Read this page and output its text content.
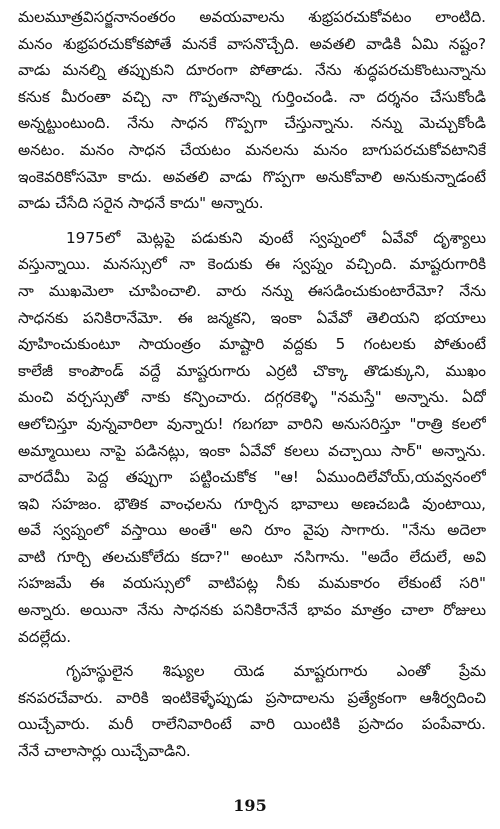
మలమూత్రవిసర్జనానంతరం అవయవాలను శుభ్రపరచుకోవటం లాంటిది.
మనం శుభ్రపరచుకోకపోతే మనకే వాసనొచ్చేది. అవతలి వాడికి ఏమి నష్టం?
వాడు మనల్ని తప్పుకుని దూరంగా పోతాడు. నేను శుద్ధపరచుకొంటున్నాను
కనుక మీరంతా వచ్చి నా గొప్పతనాన్ని గుర్తించండి. నా దర్శనం చేసుకోండి
అన్నట్టుంటుంది. నేను సాధన గొప్పగా చేస్తున్నాను. నన్ను మెచ్చుకోండి
అనటం. మనం సాధన చేయటం మనలను మనం బాగుపరచుకోవటానికే
ఇంకెవరికోసమో కాదు. అవతలి వాడు గొప్పగా అనుకోవాలి అనుకున్నాడంటే
వాడు చేసేది సరైన సాధనే కాదు" అన్నారు.
1975లో మెట్లపై పడుకుని వుంటే స్వప్నంలో ఏవేవో దృశ్యాలు
వస్తున్నాయి. మనస్సులో నా కెందుకు ఈ స్వప్నం వచ్చింది. మాష్టరుగారికి
నా ముఖమెలా చూపించాలి. వారు నన్ను ఈసడించుకుంటారేమో? నేను
సాధనకు పనికిరానేమో. ఈ జన్మకని, ఇంకా ఏవేవో తెలియని భయాలు
వూహించుకుంటూ సాయంత్రం మాష్టారి వద్దకు 5 గంటలకు పోతుంటే
కాలేజీ కాంపౌండ్ వద్దే మాష్టరుగారు ఎర్రటి చొక్కా తొడుక్కుని, ముఖం
మంచి వర్చస్సుతో నాకు కన్పించారు. దగ్గరకెళ్ళి "నమస్తే" అన్నాను. ఏదో
ఆలోచిస్తూ వున్నవారిలా వున్నారు! గబగబా వారిని అనుసరిస్తూ "రాత్రి కలలో
అమ్మాయిలు నాపై పడినట్లు, ఇంకా ఏవేవో కలలు వచ్చాయి సార్" అన్నాను.
వారదేమీ పెద్ద తప్పుగా పట్టించుకోక "ఆ! ఏముందిలేవోయ్,యవ్వనంలో
ఇవి సహజం. భౌతిక వాంఛలను గూర్చిన భావాలు అణచబడి వుంటాయి,
అవే స్వప్నంలో వస్తాయి అంతే" అని రూం వైపు సాగారు. "నేను అదెలా
వాటి గూర్చి తలచుకోలేదు కదా?" అంటూ నసిగాను. "అదేం లేదులే, అవి
సహజమే ఈ వయస్సులో వాటిపట్ల నీకు మమకారం లేకుంటే సరి"
అన్నారు. అయినా నేను సాధనకు పనికిరానేనే భావం మాత్రం చాలా రోజులు
వదల్లేదు.
గృహస్థులైన శిష్యుల యెడ మాష్టరుగారు ఎంతో ప్రేమ
కనపరచేవారు. వారికి ఇంటికెళ్ళేప్పుడు ప్రసాదాలను ప్రత్యేకంగా ఆశీర్వదించి
యిచ్చేవారు. మరీ రాలేనివారింటే వారి యింటికి ప్రసాదం పంపేవారు.
నేనే చాలాసార్లు యిచ్చేవాడిని.
195
